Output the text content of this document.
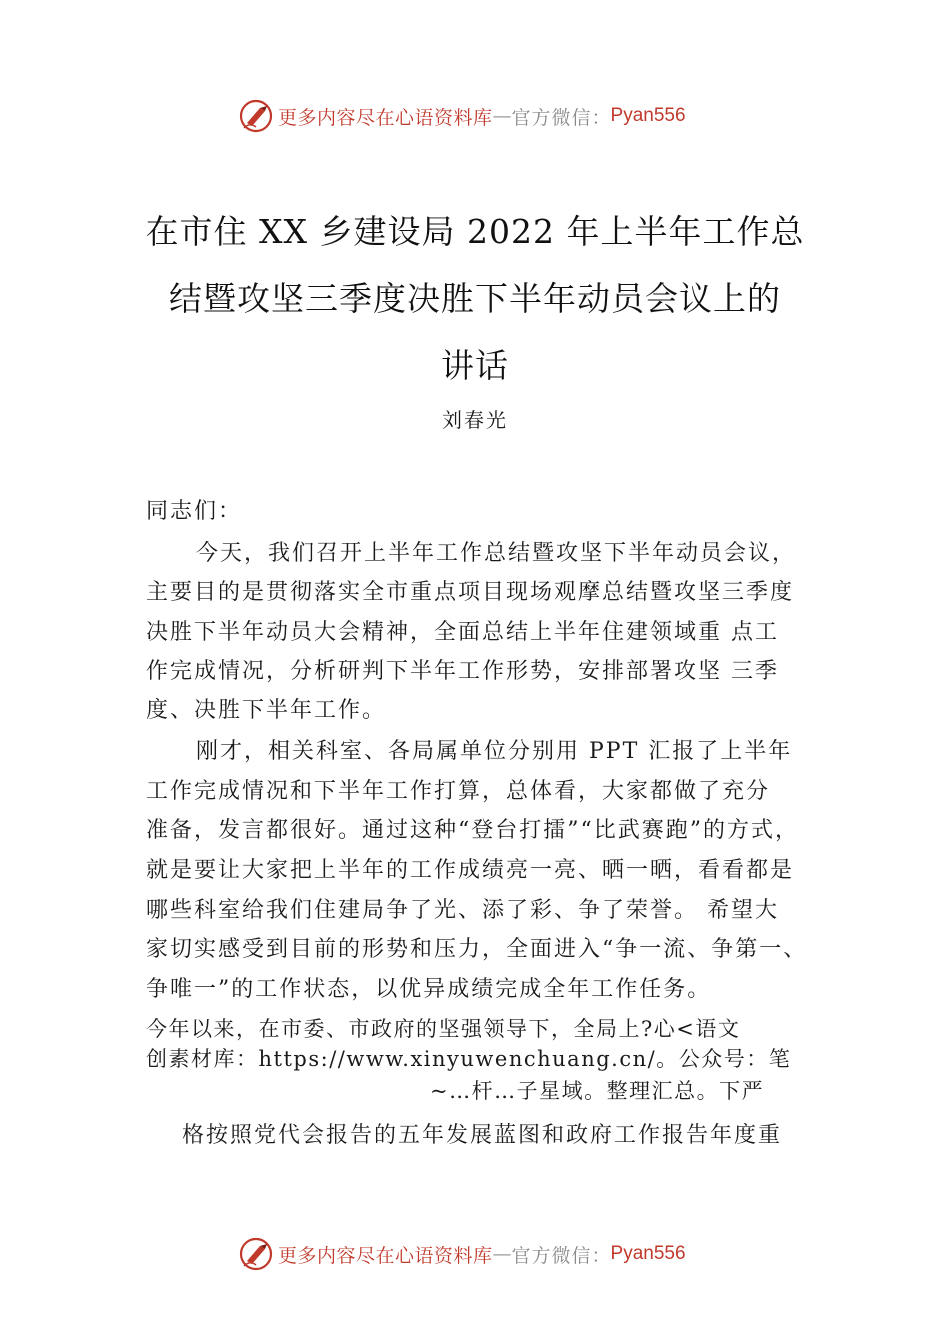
更多内容尽在心语资料库 — 官方微信 ： Pyan556
在市住 XX 乡建设局 2022 年上半年工作总
结暨攻坚三季度决胜下半年动员会议上的
讲话
刘春光
同志们：
今天，我们召开上半年工作总结暨攻坚下半年动员会议，
主要目的是贯彻落实全市重点项目现场观摩总结暨攻坚三季度
决胜下半年动员大会精神，全面总结上半年住建领域重 点工
作完成情况，分析研判下半年工作形势，安排部署攻坚 三季
度、决胜下半年工作。
刚才，相关科室、各局属单位分别用 PPT 汇报了上半年
工作完成情况和下半年工作打算，总体看，大家都做了充分
准备，发言都很好。通过这种“登台打擂”“比武赛跑”的方式，
就是要让大家把上半年的工作成绩亮一亮、晒一晒，看看都是
哪些科室给我们住建局争了光、添了彩、争了荣誉。 希望大
家切实感受到目前的形势和压力，全面进入“争一流、争第一、
争唯一”的工作状态，以优异成绩完成全年工作任务。
今年以来，在市委、市政府的坚强领导下，全局上?心<语文
创素材库：https://www.xinyuwenchuang.cn/。公众号：笔
~…杆…子星域。整理汇总。下严
格按照党代会报告的五年发展蓝图和政府工作报告年度重
更多内容尽在心语资料库 — 官方微信 ： Pyan556
